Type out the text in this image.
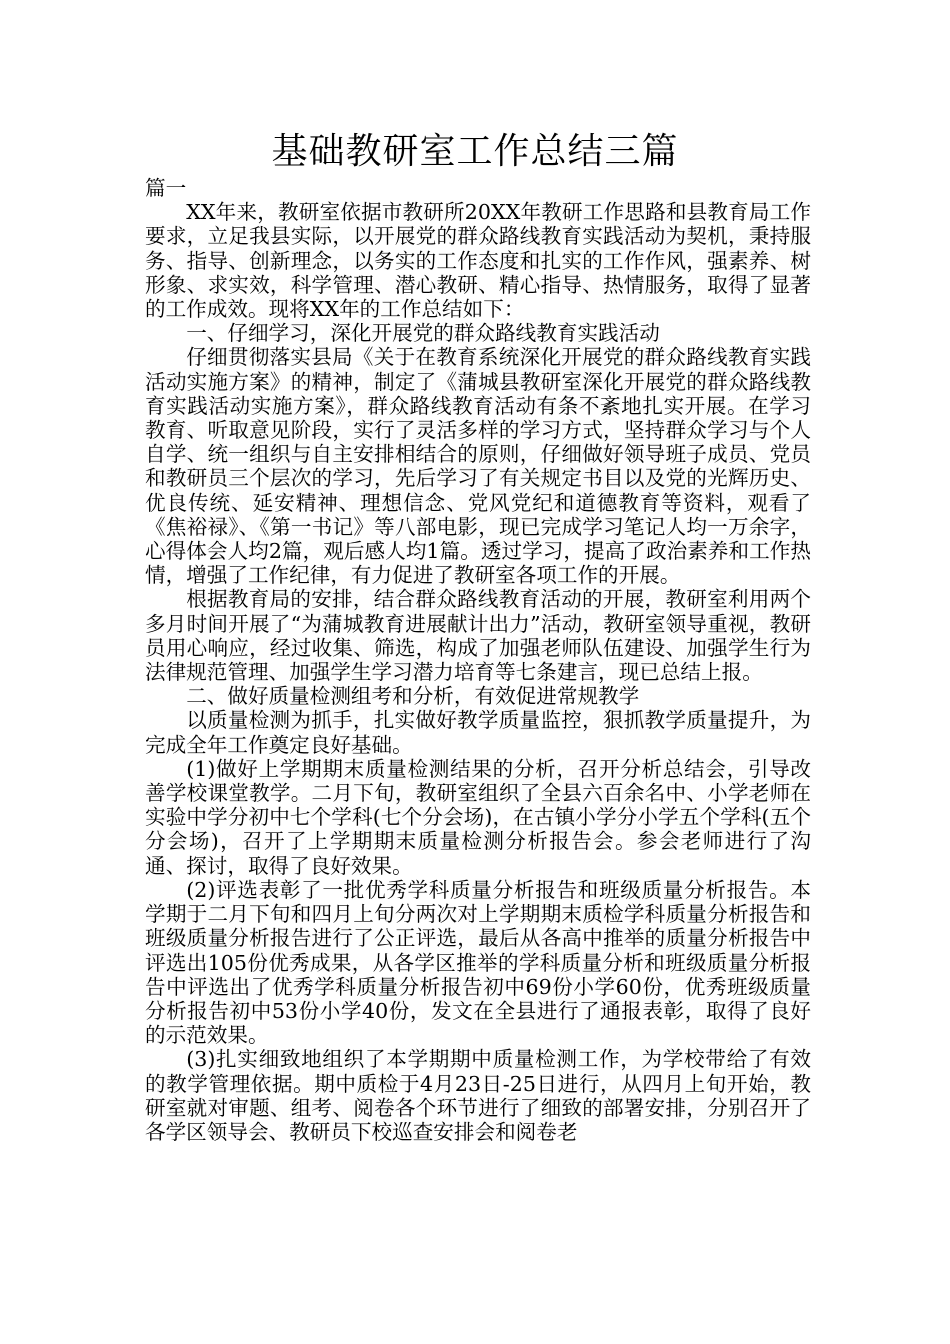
基础教研室工作总结三篇

篇一

XX年来，教研室依据市教研所20XX年教研工作思路和县教育局工作要求，立足我县实际，以开展党的群众路线教育实践活动为契机，秉持服务、指导、创新理念，以务实的工作态度和扎实的工作作风，强素养、树形象、求实效，科学管理、潜心教研、精心指导、热情服务，取得了显著的工作成效。现将XX年的工作总结如下：

一、仔细学习，深化开展党的群众路线教育实践活动

仔细贯彻落实县局《关于在教育系统深化开展党的群众路线教育实践活动实施方案》的精神，制定了《蒲城县教研室深化开展党的群众路线教育实践活动实施方案》，群众路线教育活动有条不紊地扎实开展。在学习教育、听取意见阶段，实行了灵活多样的学习方式，坚持群众学习与个人自学、统一组织与自主安排相结合的原则，仔细做好领导班子成员、党员和教研员三个层次的学习，先后学习了有关规定书目以及党的光辉历史、优良传统、延安精神、理想信念、党风党纪和道德教育等资料，观看了《焦裕禄》、《第一书记》等八部电影，现已完成学习笔记人均一万余字，心得体会人均2篇，观后感人均1篇。透过学习，提高了政治素养和工作热情，增强了工作纪律，有力促进了教研室各项工作的开展。

根据教育局的安排，结合群众路线教育活动的开展，教研室利用两个多月时间开展了“为蒲城教育进展献计出力”活动，教研室领导重视，教研员用心响应，经过收集、筛选，构成了加强老师队伍建设、加强学生行为法律规范管理、加强学生学习潜力培育等七条建言，现已总结上报。

二、做好质量检测组考和分析，有效促进常规教学

以质量检测为抓手，扎实做好教学质量监控，狠抓教学质量提升，为完成全年工作奠定良好基础。

(1)做好上学期期末质量检测结果的分析，召开分析总结会，引导改善学校课堂教学。二月下旬，教研室组织了全县六百余名中、小学老师在实验中学分初中七个学科(七个分会场)，在古镇小学分小学五个学科(五个分会场)，召开了上学期期末质量检测分析报告会。参会老师进行了沟通、探讨，取得了良好效果。

(2)评选表彰了一批优秀学科质量分析报告和班级质量分析报告。本学期于二月下旬和四月上旬分两次对上学期期末质检学科质量分析报告和班级质量分析报告进行了公正评选，最后从各高中推举的质量分析报告中评选出105份优秀成果，从各学区推举的学科质量分析和班级质量分析报告中评选出了优秀学科质量分析报告初中69份小学60份，优秀班级质量分析报告初中53份小学40份，发文在全县进行了通报表彰，取得了良好的示范效果。

(3)扎实细致地组织了本学期期中质量检测工作，为学校带给了有效的教学管理依据。期中质检于4月23日-25日进行，从四月上旬开始，教研室就对审题、组考、阅卷各个环节进行了细致的部署安排，分别召开了各学区领导会、教研员下校巡查安排会和阅卷老
